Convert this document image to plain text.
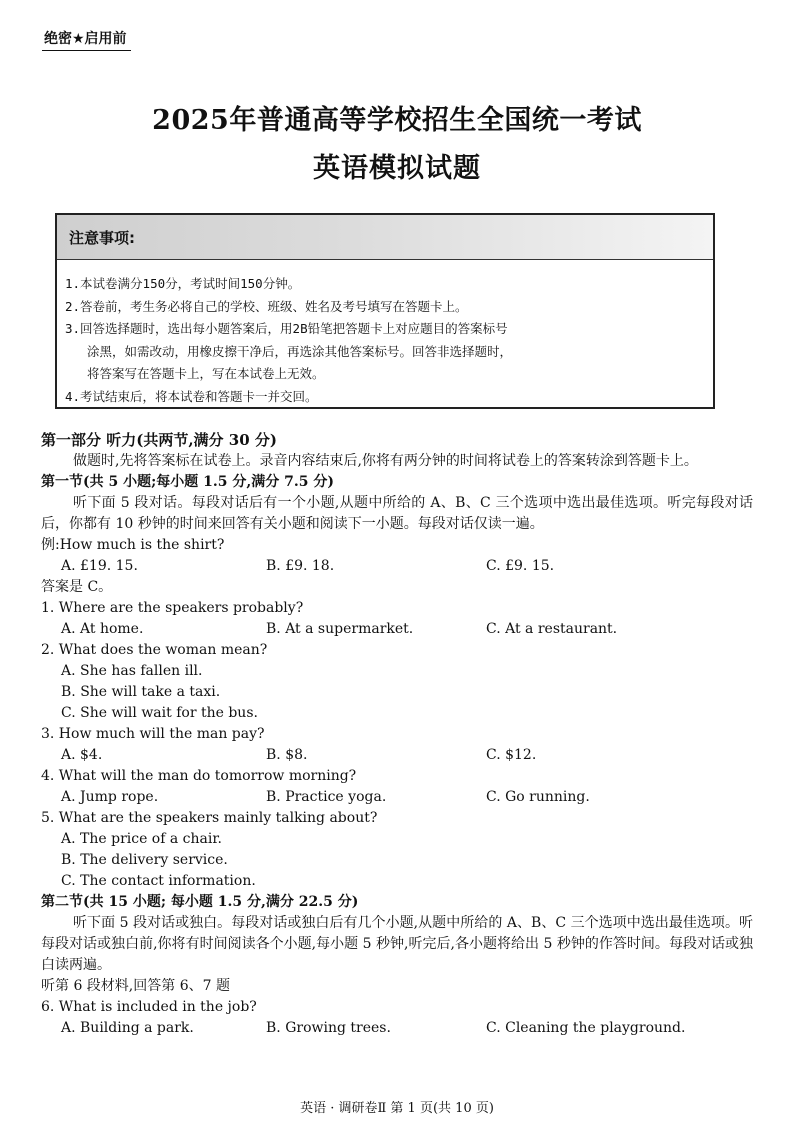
绝密★启用前
2025年普通高等学校招生全国统一考试
英语模拟试题
注意事项:
1.本试卷满分150分，考试时间150分钟。
2.答卷前，考生务必将自己的学校、班级、姓名及考号填写在答题卡上。
3.回答选择题时，选出每小题答案后，用2B铅笔把答题卡上对应题目的答案标号
涂黑，如需改动，用橡皮擦干净后，再选涂其他答案标号。回答非选择题时，
将答案写在答题卡上，写在本试卷上无效。
4.考试结束后，将本试卷和答题卡一并交回。
第一部分 听力(共两节,满分 30 分)
做题时,先将答案标在试卷上。录音内容结束后,你将有两分钟的时间将试卷上的答案转涂到答题卡上。
第一节(共 5 小题;每小题 1.5 分,满分 7.5 分)
听下面 5 段对话。每段对话后有一个小题,从题中所给的 A、B、C 三个选项中选出最佳选项。听完每段对话后，你都有 10 秒钟的时间来回答有关小题和阅读下一小题。每段对话仅读一遍。
例:How much is the shirt?
A. £19. 15.	B. £9. 18.	C. £9. 15.
答案是 C。
1. Where are the speakers probably?
A. At home.	B. At a supermarket.	C. At a restaurant.
2. What does the woman mean?
A. She has fallen ill.
B. She will take a taxi.
C. She will wait for the bus.
3. How much will the man pay?
A. $4.	B. $8.	C. $12.
4. What will the man do tomorrow morning?
A. Jump rope.	B. Practice yoga.	C. Go running.
5. What are the speakers mainly talking about?
A. The price of a chair.
B. The delivery service.
C. The contact information.
第二节(共 15 小题; 每小题 1.5 分,满分 22.5 分)
听下面 5 段对话或独白。每段对话或独白后有几个小题,从题中所给的 A、B、C 三个选项中选出最佳选项。听每段对话或独白前,你将有时间阅读各个小题,每小题 5 秒钟,听完后,各小题将给出 5 秒钟的作答时间。每段对话或独白读两遍。
听第 6 段材料,回答第 6、7 题
6. What is included in the job?
A. Building a park.	B. Growing trees.	C. Cleaning the playground.
英语 · 调研卷Ⅱ 第 1 页(共 10 页)
